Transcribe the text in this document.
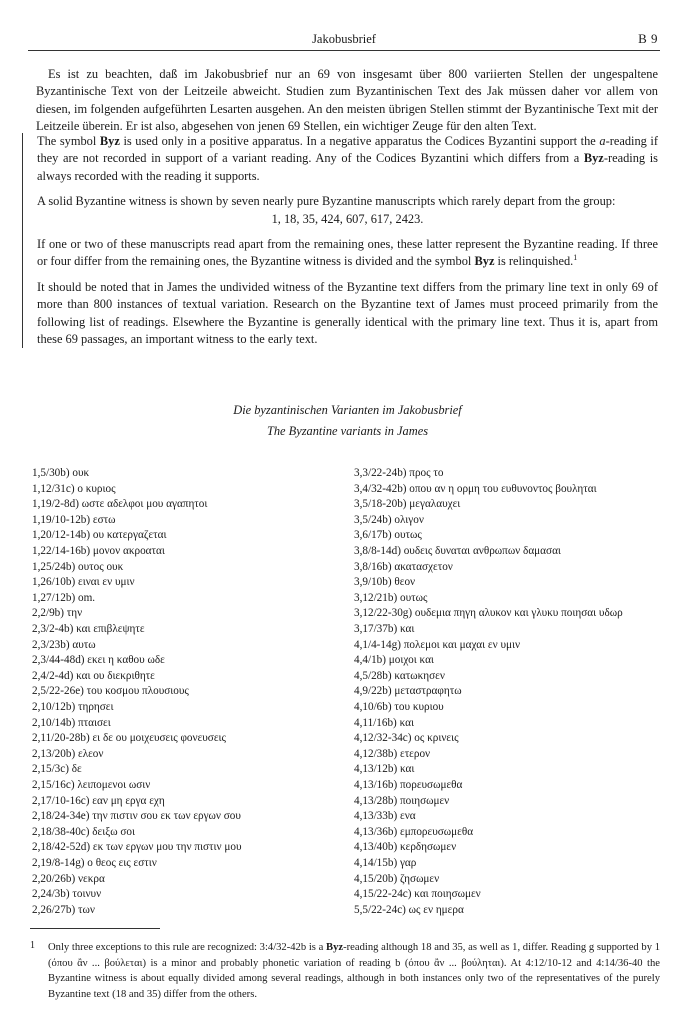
Jakobusbrief	B 9

Es ist zu beachten, daß im Jakobusbrief nur an 69 von insgesamt über 800 variierten Stellen der ungespaltene Byzantinische Text von der Leitzeile abweicht. Studien zum Byzantinischen Text des Jak müssen daher vor allem von diesen, im folgenden aufgeführten Lesarten ausgehen. An den meisten übrigen Stellen stimmt der Byzantinische Text mit der Leitzeile überein. Er ist also, abgesehen von jenen 69 Stellen, ein wichtiger Zeuge für den alten Text.

The symbol Byz is used only in a positive apparatus. In a negative apparatus the Codices Byzantini support the a-reading if they are not recorded in support of a variant reading. Any of the Codices Byzantini which differs from a Byz-reading is always recorded with the reading it supports.

A solid Byzantine witness is shown by seven nearly pure Byzantine manuscripts which rarely depart from the group:

1, 18, 35, 424, 607, 617, 2423.

If one or two of these manuscripts read apart from the remaining ones, these latter represent the Byzantine reading. If three or four differ from the remaining ones, the Byzantine witness is divided and the symbol Byz is relinquished.$^1$

It should be noted that in James the undivided witness of the Byzantine text differs from the primary line text in only 69 of more than 800 instances of textual variation. Research on the Byzantine text of James must proceed primarily from the following list of readings. Elsewhere the Byzantine is generally identical with the primary line text. Thus it is, apart from these 69 passages, an important witness to the early text.

Die byzantinischen Varianten im Jakobusbrief
The Byzantine variants in James
1,5/30b) ουκ
1,12/31c) ο κυριος
1,19/2-8d) ωστε αδελφοι μου αγαπητοι
1,19/10-12b) εστω
1,20/12-14b) ου κατεργαζεται
1,22/14-16b) μονον ακροαται
1,25/24b) ουτος ουκ
1,26/10b) ειναι εν υμιν
1,27/12b) om.
2,2/9b) την
2,3/2-4b) και επιβλεψητε
2,3/23b) αυτω
2,3/44-48d) εκει η καθου ωδε
2,4/2-4d) και ου διεκριθητε
2,5/22-26e) του κοσμου πλουσιους
2,10/12b) τηρησει
2,10/14b) πταισει
2,11/20-28b) ει δε ου μοιχευσεις φονευσεις
2,13/20b) ελεον
2,15/3c) δε
2,15/16c) λειπομενοι ωσιν
2,17/10-16c) εαν μη εργα εχη
2,18/24-34e) την πιστιν σου εκ των εργων σου
2,18/38-40c) δειξω σοι
2,18/42-52d) εκ των εργων μου την πιστιν μου
2,19/8-14g) ο θεος εις εστιν
2,20/26b) νεκρα
2,24/3b) τοινυν
2,26/27b) των
3,3/22-24b) προς το
3,4/32-42b) οπου αν η ορμη του ευθυνοντος βουληται
3,5/18-20b) μεγαλαυχει
3,5/24b) ολιγον
3,6/17b) ουτως
3,8/8-14d) ουδεις δυναται ανθρωπων δαμασαι
3,8/16b) ακατασχετον
3,9/10b) θεον
3,12/21b) ουτως
3,12/22-30g) ουδεμια πηγη αλυκον και γλυκυ ποιησαι υδωρ
3,17/37b) και
4,1/4-14g) πολεμοι και μαχαι εν υμιν
4,4/1b) μοιχοι και
4,5/28b) κατωκησεν
4,9/22b) μεταστραφητω
4,10/6b) του κυριου
4,11/16b) και
4,12/32-34c) ος κρινεις
4,12/38b) ετερον
4,13/12b) και
4,13/16b) πορευσωμεθα
4,13/28b) ποιησωμεν
4,13/33b) ενα
4,13/36b) εμπορευσωμεθα
4,13/40b) κερδησωμεν
4,14/15b) γαρ
4,15/20b) ζησωμεν
4,15/22-24c) και ποιησωμεν
5,5/22-24c) ως εν ημερα
1 Only three exceptions to this rule are recognized: 3:4/32-42b is a Byz-reading although 18 and 35, as well as 1, differ. Reading g supported by 1 (όπου ἂν ... βούλεται) is a minor and probably phonetic variation of reading b (όπου ἂν ... βούληται). At 4:12/10-12 and 4:14/36-40 the Byzantine witness is about equally divided among several readings, although in both instances only two of the representatives of the purely Byzantine text (18 and 35) differ from the others.
